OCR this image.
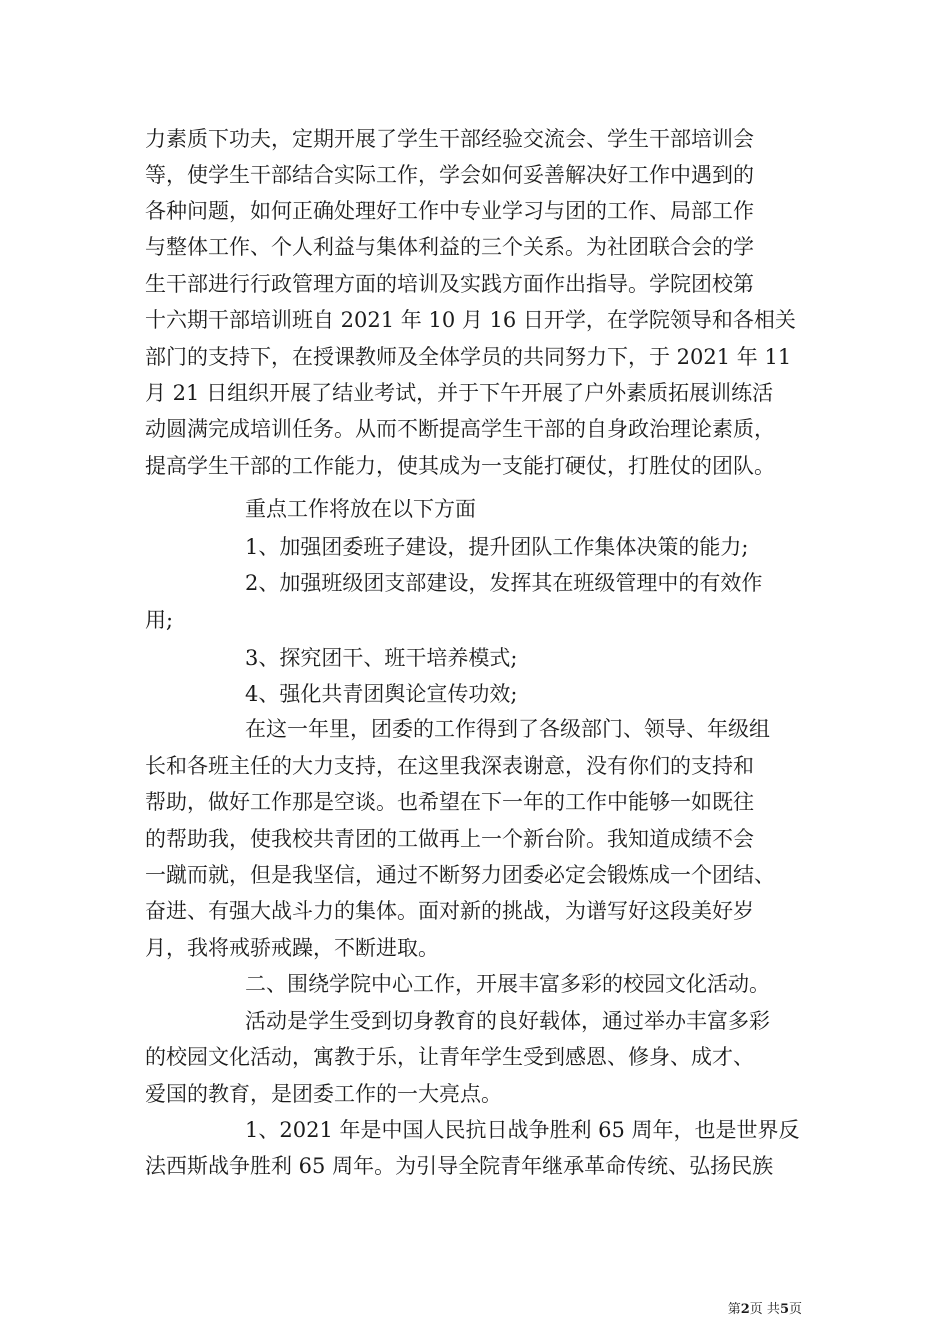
力素质下功夫，定期开展了学生干部经验交流会、学生干部培训会
等，使学生干部结合实际工作，学会如何妥善解决好工作中遇到的
各种问题，如何正确处理好工作中专业学习与团的工作、局部工作
与整体工作、个人利益与集体利益的三个关系。为社团联合会的学
生干部进行行政管理方面的培训及实践方面作出指导。学院团校第
十六期干部培训班自 2021 年 10 月 16 日开学，在学院领导和各相关
部门的支持下，在授课教师及全体学员的共同努力下，于 2021 年 11
月 21 日组织开展了结业考试，并于下午开展了户外素质拓展训练活
动圆满完成培训任务。从而不断提高学生干部的自身政治理论素质，
提高学生干部的工作能力，使其成为一支能打硬仗，打胜仗的团队。
重点工作将放在以下方面
1、加强团委班子建设，提升团队工作集体决策的能力;
2、加强班级团支部建设，发挥其在班级管理中的有效作
用;
3、探究团干、班干培养模式;
4、强化共青团舆论宣传功效;
在这一年里，团委的工作得到了各级部门、领导、年级组
长和各班主任的大力支持，在这里我深表谢意，没有你们的支持和
帮助，做好工作那是空谈。也希望在下一年的工作中能够一如既往
的帮助我，使我校共青团的工做再上一个新台阶。我知道成绩不会
一蹴而就，但是我坚信，通过不断努力团委必定会锻炼成一个团结、
奋进、有强大战斗力的集体。面对新的挑战，为谱写好这段美好岁
月，我将戒骄戒躁，不断进取。
二、围绕学院中心工作，开展丰富多彩的校园文化活动。
活动是学生受到切身教育的良好载体，通过举办丰富多彩
的校园文化活动，寓教于乐，让青年学生受到感恩、修身、成才、
爱国的教育，是团委工作的一大亮点。
1、2021 年是中国人民抗日战争胜利 65 周年，也是世界反
法西斯战争胜利 65 周年。为引导全院青年继承革命传统、弘扬民族
第2页 共5页
